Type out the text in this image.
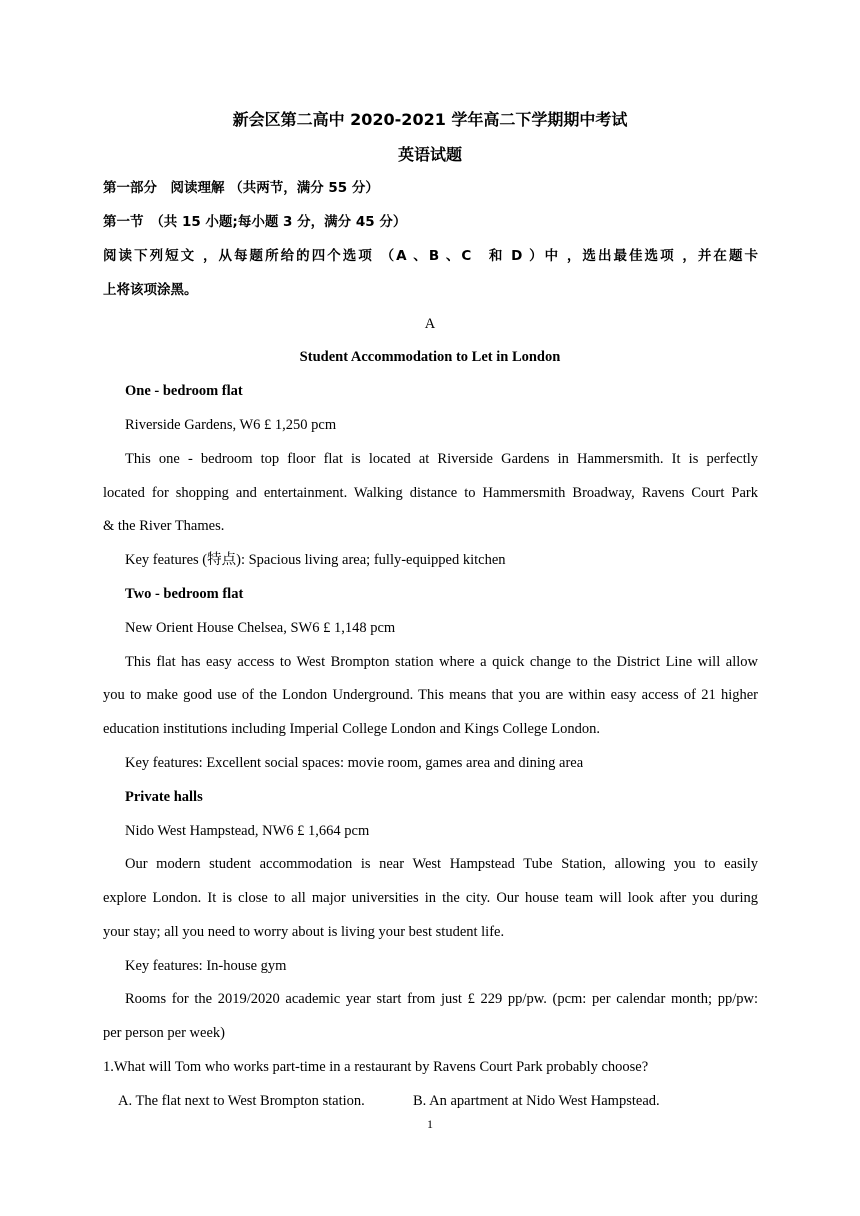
新会区第二高中 2020-2021 学年高二下学期期中考试
英语试题
第一部分　阅读理解 （共两节，满分 55 分）
第一节　（共 15 小题;每小题 3 分，满分 45 分）
阅读下列短文 ，从每题所给的四个选项 （A 、B 、C　和 D ）中 ，选出最佳选项 ，并在题卡
上将该项涂黑。
A
Student Accommodation to Let in London
One - bedroom flat
Riverside Gardens, W6 £ 1,250 pcm
This one - bedroom top floor flat is located at Riverside Gardens in Hammersmith. It is perfectly
located for shopping and entertainment. Walking distance to Hammersmith Broadway, Ravens Court Park
& the River Thames.
Key features (特点): Spacious living area; fully-equipped kitchen
Two - bedroom flat
New Orient House Chelsea, SW6 £ 1,148 pcm
This flat has easy access to West Brompton station where a quick change to the District Line will allow
you to make good use of the London Underground. This means that you are within easy access of 21 higher
education institutions including Imperial College London and Kings College London.
Key features: Excellent social spaces: movie room, games area and dining area
Private halls
Nido West Hampstead, NW6 £ 1,664 pcm
Our modern student accommodation is near West Hampstead Tube Station, allowing you to easily
explore London. It is close to all major universities in the city. Our house team will look after you during
your stay; all you need to worry about is living your best student life.
Key features: In-house gym
Rooms for the 2019/2020 academic year start from just £ 229 pp/pw. (pcm: per calendar month; pp/pw:
per person per week)
1.What will Tom who works part-time in a restaurant by Ravens Court Park probably choose?
A. The flat next to West Brompton station.	B. An apartment at Nido West Hampstead.
1
